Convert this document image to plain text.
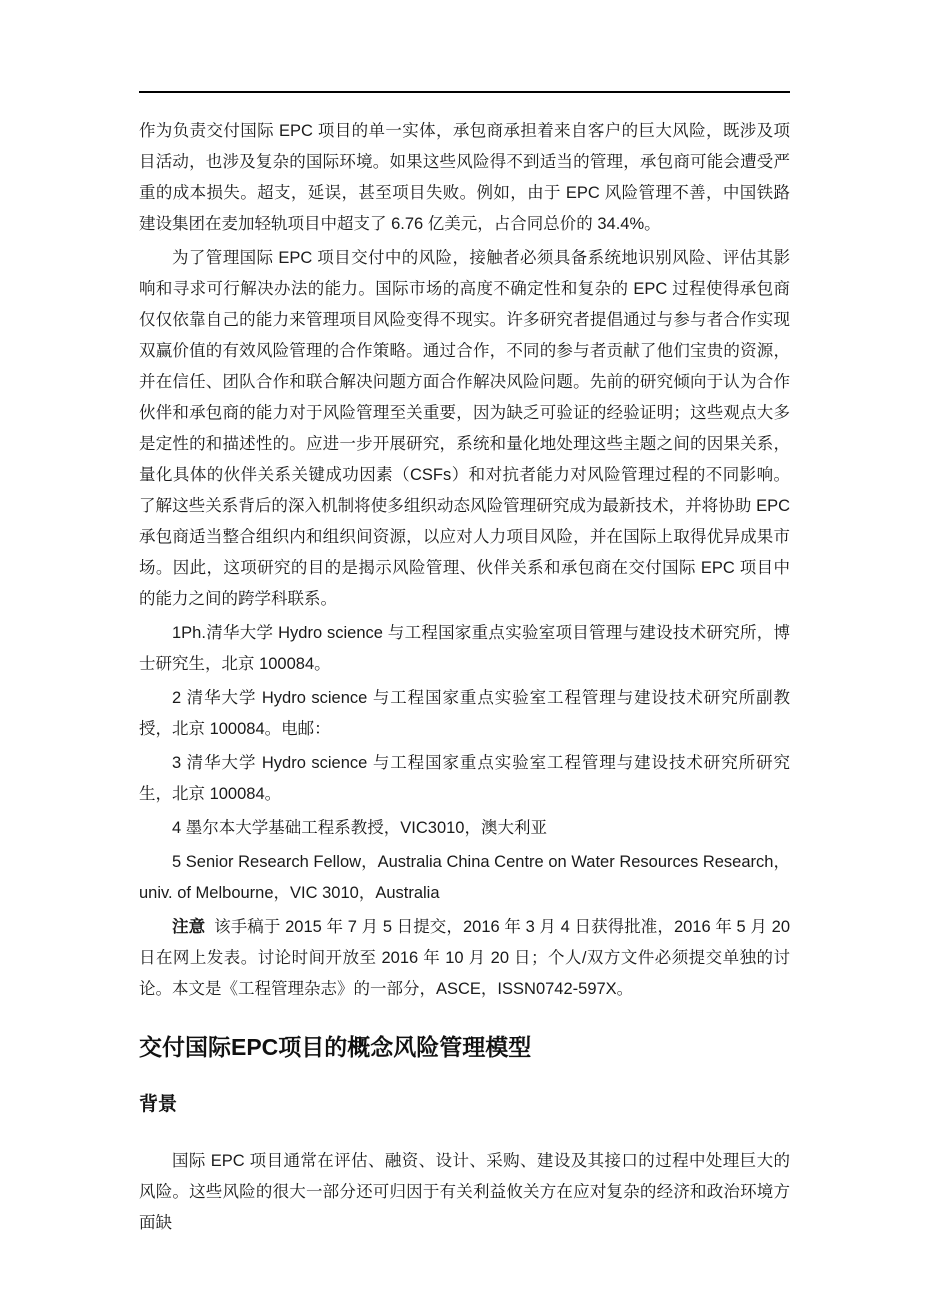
作为负责交付国际 EPC 项目的单一实体，承包商承担着来自客户的巨大风险，既涉及项目活动，也涉及复杂的国际环境。如果这些风险得不到适当的管理，承包商可能会遭受严重的成本损失。超支，延误，甚至项目失败。例如，由于 EPC 风险管理不善，中国铁路建设集团在麦加轻轨项目中超支了 6.76 亿美元，占合同总价的 34.4%。

为了管理国际 EPC 项目交付中的风险，接触者必须具备系统地识别风险、评估其影响和寻求可行解决办法的能力。国际市场的高度不确定性和复杂的 EPC 过程使得承包商仅仅依靠自己的能力来管理项目风险变得不现实。许多研究者提倡通过与参与者合作实现双赢价值的有效风险管理的合作策略。通过合作，不同的参与者贡献了他们宝贵的资源，并在信任、团队合作和联合解决问题方面合作解决风险问题。先前的研究倾向于认为合作伙伴和承包商的能力对于风险管理至关重要，因为缺乏可验证的经验证明；这些观点大多是定性的和描述性的。应进一步开展研究，系统和量化地处理这些主题之间的因果关系，量化具体的伙伴关系关键成功因素（CSFs）和对抗者能力对风险管理过程的不同影响。了解这些关系背后的深入机制将使多组织动态风险管理研究成为最新技术，并将协助 EPC 承包商适当整合组织内和组织间资源，以应对人力项目风险，并在国际上取得优异成果市场。因此，这项研究的目的是揭示风险管理、伙伴关系和承包商在交付国际 EPC 项目中的能力之间的跨学科联系。

1Ph.清华大学 Hydro science 与工程国家重点实验室项目管理与建设技术研究所，博士研究生，北京 100084。

2 清华大学 Hydro science 与工程国家重点实验室工程管理与建设技术研究所副教授，北京 100084。电邮：

3 清华大学 Hydro science 与工程国家重点实验室工程管理与建设技术研究所研究生，北京 100084。

4 墨尔本大学基础工程系教授，VIC3010，澳大利亚

5 Senior Research Fellow，Australia China Centre on Water Resources Research，univ. of Melbourne，VIC 3010，Australia

注意 该手稿于 2015 年 7 月 5 日提交，2016 年 3 月 4 日获得批准，2016 年 5 月 20 日在网上发表。讨论时间开放至 2016 年 10 月 20 日；个人/双方文件必须提交单独的讨论。本文是《工程管理杂志》的一部分，ASCE，ISSN0742-597X。

交付国际EPC项目的概念风险管理模型
背景

国际 EPC 项目通常在评估、融资、设计、采购、建设及其接口的过程中处理巨大的风险。这些风险的很大一部分还可归因于有关利益攸关方在应对复杂的经济和政治环境方面缺
